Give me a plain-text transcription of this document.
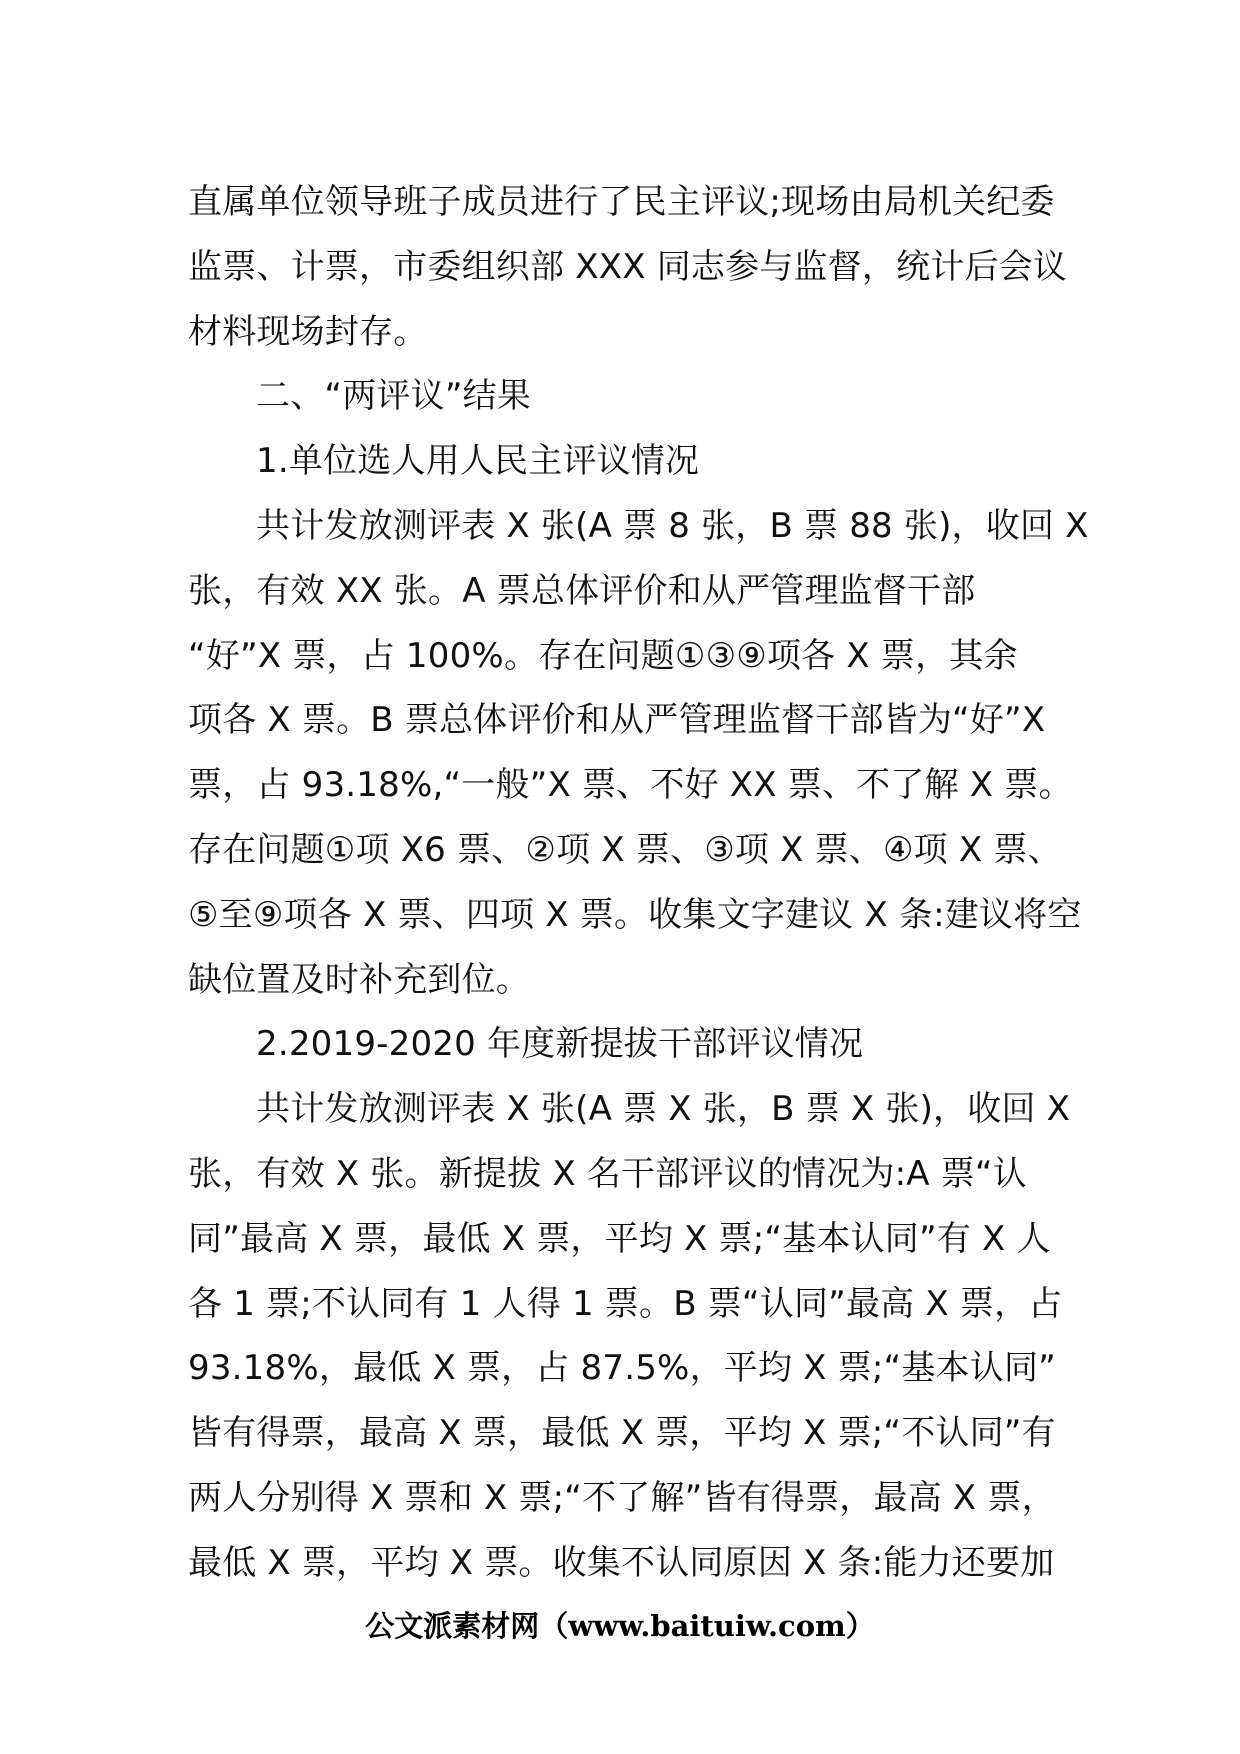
直属单位领导班子成员进行了民主评议;现场由局机关纪委

监票、计票，市委组织部 XXX 同志参与监督，统计后会议

材料现场封存。

二、“两评议”结果

1.单位选人用人民主评议情况

共计发放测评表 X 张(A 票 8 张，B 票 88 张)，收回 X

张，有效 XX 张。A 票总体评价和从严管理监督干部

“好”X 票，占 100%。存在问题①③⑨项各 X 票，其余

项各 X 票。B 票总体评价和从严管理监督干部皆为“好”X

票，占 93.18%,“一般”X 票、不好 XX 票、不了解 X 票。

存在问题①项 X6 票、②项 X 票、③项 X 票、④项 X 票、

⑤至⑨项各 X 票、四项 X 票。收集文字建议 X 条:建议将空

缺位置及时补充到位。

2.2019-2020 年度新提拔干部评议情况

共计发放测评表 X 张(A 票 X 张，B 票 X 张)，收回 X

张，有效 X 张。新提拔 X 名干部评议的情况为:A 票“认

同”最高 X 票，最低 X 票，平均 X 票;“基本认同”有 X 人

各 1 票;不认同有 1 人得 1 票。B 票“认同”最高 X 票，占

93.18%，最低 X 票，占 87.5%，平均 X 票;“基本认同”

皆有得票，最高 X 票，最低 X 票，平均 X 票;“不认同”有

两人分别得 X 票和 X 票;“不了解”皆有得票，最高 X 票，

最低 X 票，平均 X 票。收集不认同原因 X 条:能力还要加

公文派素材网（www.baituiw.com）
